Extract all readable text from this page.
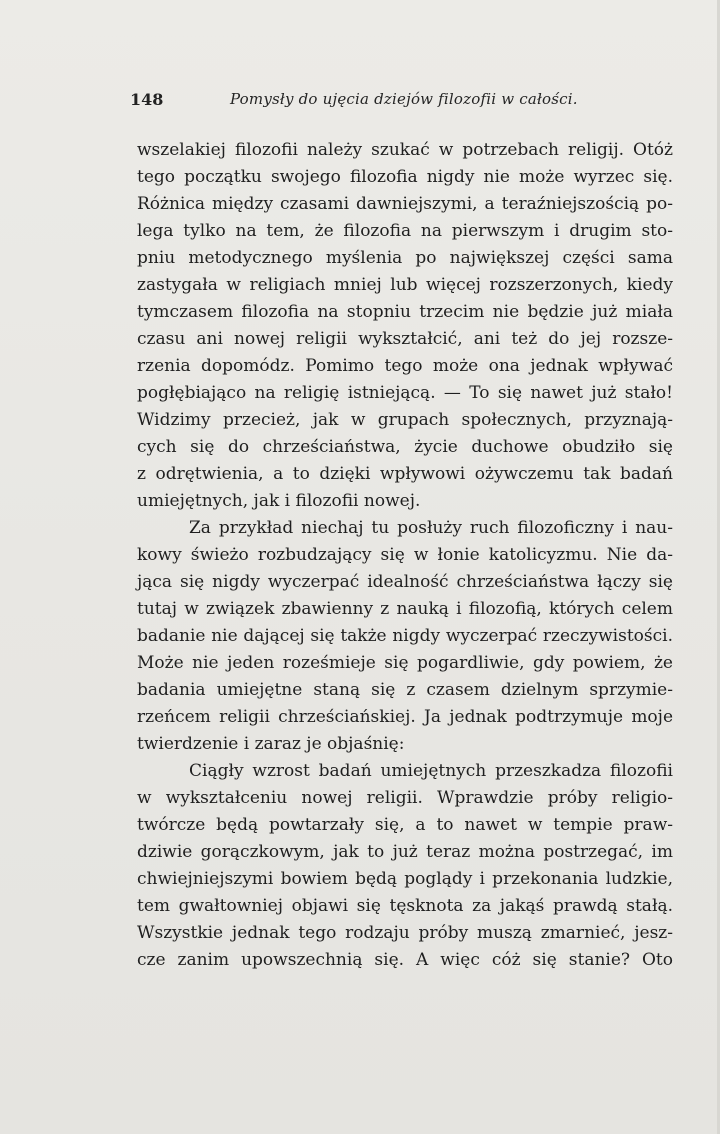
148	Pomysły do ujęcia dziejów filozofii w całości.
wszelakiej filozofii należy szukać w potrzebach religij. Otóż
tego początku swojego filozofia nigdy nie może wyrzec się.
Różnica między czasami dawniejszymi, a teraźniejszością po-
lega tylko na tem, że filozofia na pierwszym i drugim sto-
pniu metodycznego myślenia po największej części sama
zastygała w religiach mniej lub więcej rozszerzonych, kiedy
tymczasem filozofia na stopniu trzecim nie będzie już miała
czasu ani nowej religii wykształcić, ani też do jej rozsze-
rzenia dopomódz. Pomimo tego może ona jednak wpływać
pogłębiająco na religię istniejącą. — To się nawet już stało!
Widzimy przecież, jak w grupach społecznych, przyznają-
cych się do chrześciaństwa, życie duchowe obudziło się
z odrętwienia, a to dzięki wpływowi ożywczemu tak badań
umiejętnych, jak i filozofii nowej.
Za przykład niechaj tu posłuży ruch filozoficzny i nau-
kowy świeżo rozbudzający się w łonie katolicyzmu. Nie da-
jąca się nigdy wyczerpać idealność chrześciaństwa łączy się
tutaj w związek zbawienny z nauką i filozofią, których celem
badanie nie dającej się także nigdy wyczerpać rzeczywistości.
Może nie jeden roześmieje się pogardliwie, gdy powiem, że
badania umiejętne staną się z czasem dzielnym sprzymie-
rzeńcem religii chrześciańskiej. Ja jednak podtrzymuje moje
twierdzenie i zaraz je objaśnię:
Ciągły wzrost badań umiejętnych przeszkadza filozofii
w wykształceniu nowej religii. Wprawdzie próby religio-
twórcze będą powtarzały się, a to nawet w tempie praw-
dziwie gorączkowym, jak to już teraz można postrzegać, im
chwiejniejszymi bowiem będą poglądy i przekonania ludzkie,
tem gwałtowniej objawi się tęsknota za jakąś prawdą stałą.
Wszystkie jednak tego rodzaju próby muszą zmarnieć, jesz-
cze zanim upowszechnią się. A więc cóż się stanie? Oto
